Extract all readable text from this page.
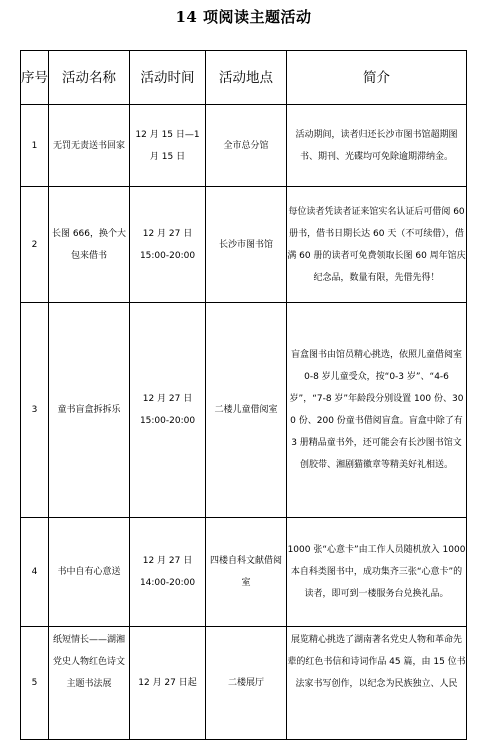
14 项阅读主题活动
序号	活动名称	活动时间	活动地点	简介
1	无罚无责送书回家	12 月 15 日—1 月 15 日	全市总分馆	活动期间，读者归还长沙市图书馆超期图书、期刊、光碟均可免除逾期滞纳金。
2	长图 666，换个大包来借书	12 月 27 日 15:00-20:00	长沙市图书馆	每位读者凭读者证来馆实名认证后可借阅 60 册书，借书日期长达 60 天（不可续借），借满 60 册的读者可免费领取长图 60 周年馆庆纪念品，数量有限，先借先得！
3	童书盲盒拆拆乐	12 月 27 日 15:00-20:00	二楼儿童借阅室	盲盒图书由馆员精心挑选，依照儿童借阅室 0-8 岁儿童受众，按“0-3 岁”、“4-6 岁”，“7-8 岁”年龄段分别设置 100 份、300 份、200 份童书借阅盲盒。盲盒中除了有 3 册精品童书外，还可能会有长沙图书馆文创胶带、湘剧猫徽章等精美好礼相送。
4	书中自有心意送	12 月 27 日 14:00-20:00	四楼自科文献借阅室	1000 张“心意卡”由工作人员随机放入 1000 本自科类图书中，成功集齐三张“心意卡”的读者，即可到一楼服务台兑换礼品。
5	纸短情长——湖湘党史人物红色诗文主题书法展	12 月 27 日起	二楼展厅	展览精心挑选了湖南著名党史人物和革命先辈的红色书信和诗词作品 45 篇，由 15 位书法家书写创作，以纪念为民族独立、人民
